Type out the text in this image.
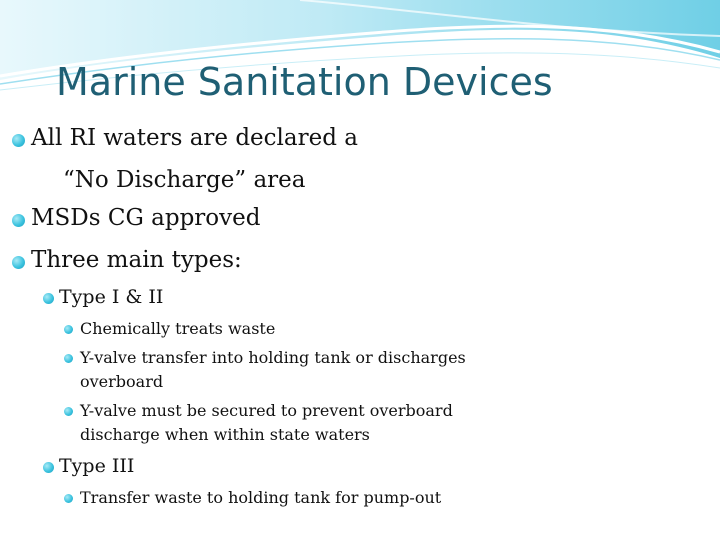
Marine Sanitation Devices
All RI waters are declared a
“No Discharge” area
MSDs CG approved
Three main types:
Type I & II
Chemically treats waste
Y-valve transfer into holding tank or discharges
overboard
Y-valve must be secured to prevent overboard
discharge when within state waters
Type III
Transfer waste to holding tank for pump-out
